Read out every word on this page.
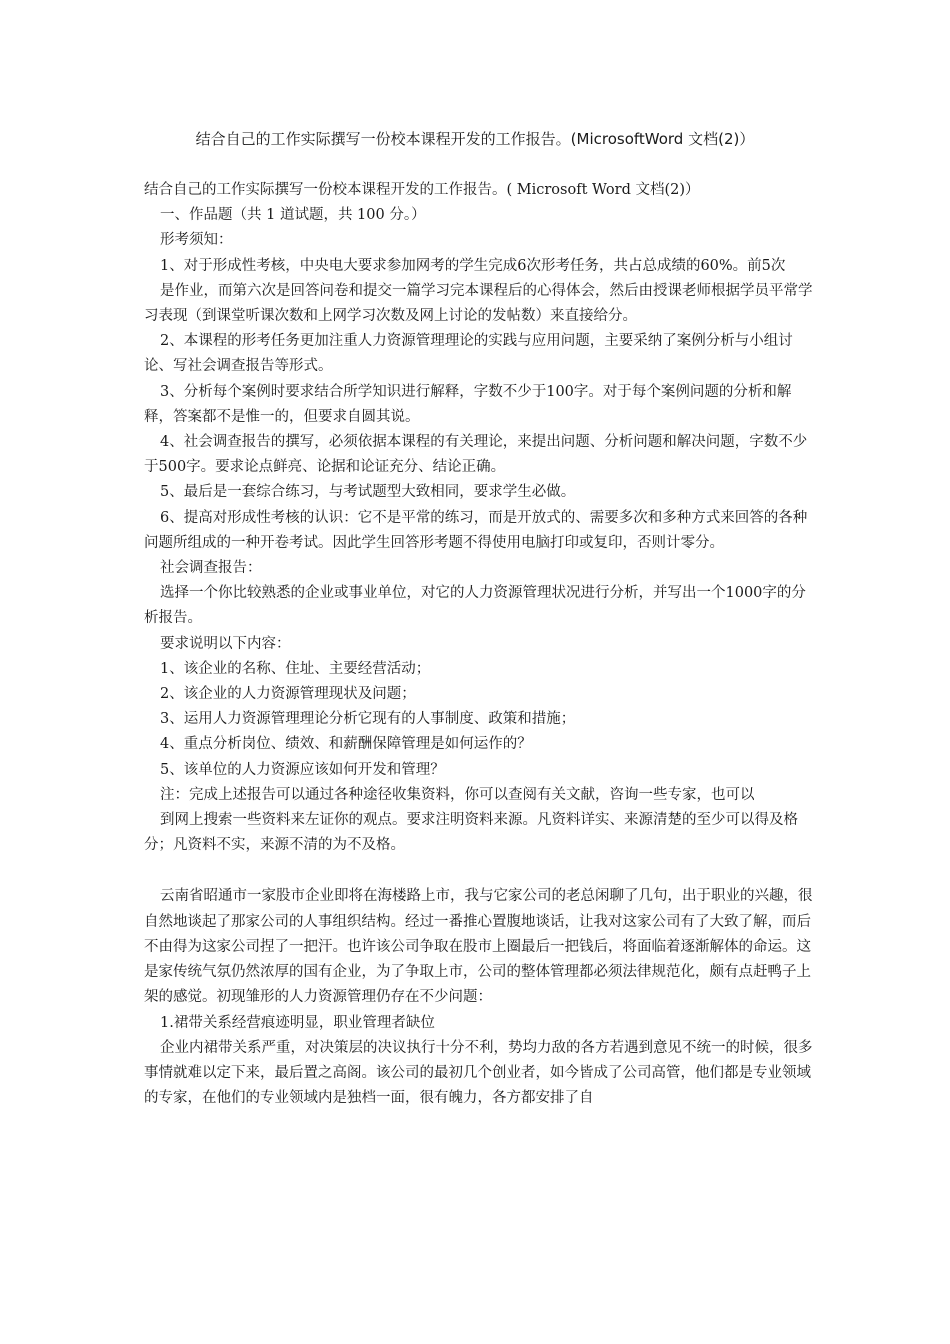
结合自己的工作实际撰写一份校本课程开发的工作报告。(MicrosoftWord 文档(2)）

结合自己的工作实际撰写一份校本课程开发的工作报告。( Microsoft Word 文档(2)）

一、作品题（共 1 道试题，共 100 分。）

形考须知：

1、对于形成性考核，中央电大要求参加网考的学生完成6次形考任务，共占总成绩的60%。前5次

是作业，而第六次是回答问卷和提交一篇学习完本课程后的心得体会，然后由授课老师根据学员平常学习表现（到课堂听课次数和上网学习次数及网上讨论的发帖数）来直接给分。

2、本课程的形考任务更加注重人力资源管理理论的实践与应用问题，主要采纳了案例分析与小组讨论、写社会调查报告等形式。

3、分析每个案例时要求结合所学知识进行解释，字数不少于100字。对于每个案例问题的分析和解释，答案都不是惟一的，但要求自圆其说。

4、社会调查报告的撰写，必须依据本课程的有关理论，来提出问题、分析问题和解决问题，字数不少于500字。要求论点鲜亮、论据和论证充分、结论正确。

5、最后是一套综合练习，与考试题型大致相同，要求学生必做。

6、提高对形成性考核的认识：它不是平常的练习，而是开放式的、需要多次和多种方式来回答的各种问题所组成的一种开卷考试。因此学生回答形考题不得使用电脑打印或复印，否则计零分。

社会调查报告：

选择一个你比较熟悉的企业或事业单位，对它的人力资源管理状况进行分析，并写出一个1000字的分析报告。

要求说明以下内容：

1、该企业的名称、住址、主要经营活动；

2、该企业的人力资源管理现状及问题；

3、运用人力资源管理理论分析它现有的人事制度、政策和措施；

4、重点分析岗位、绩效、和薪酬保障管理是如何运作的？

5、该单位的人力资源应该如何开发和管理？

注：完成上述报告可以通过各种途径收集资料，你可以查阅有关文献，咨询一些专家，也可以

到网上搜索一些资料来左证你的观点。要求注明资料来源。凡资料详实、来源清楚的至少可以得及格分；凡资料不实，来源不清的为不及格。

云南省昭通市一家股市企业即将在海楼路上市，我与它家公司的老总闲聊了几句，出于职业的兴趣，很自然地谈起了那家公司的人事组织结构。经过一番推心置腹地谈话，让我对这家公司有了大致了解，而后不由得为这家公司捏了一把汗。也许该公司争取在股市上圈最后一把钱后，将面临着逐渐解体的命运。这是家传统气氛仍然浓厚的国有企业，为了争取上市，公司的整体管理都必须法律规范化，颇有点赶鸭子上架的感觉。初现雏形的人力资源管理仍存在不少问题：

1.裙带关系经营痕迹明显，职业管理者缺位

企业内裙带关系严重，对决策层的决议执行十分不利，势均力敌的各方若遇到意见不统一的时候，很多事情就难以定下来，最后置之高阁。该公司的最初几个创业者，如今皆成了公司高管，他们都是专业领域的专家，在他们的专业领域内是独档一面，很有魄力，各方都安排了自
